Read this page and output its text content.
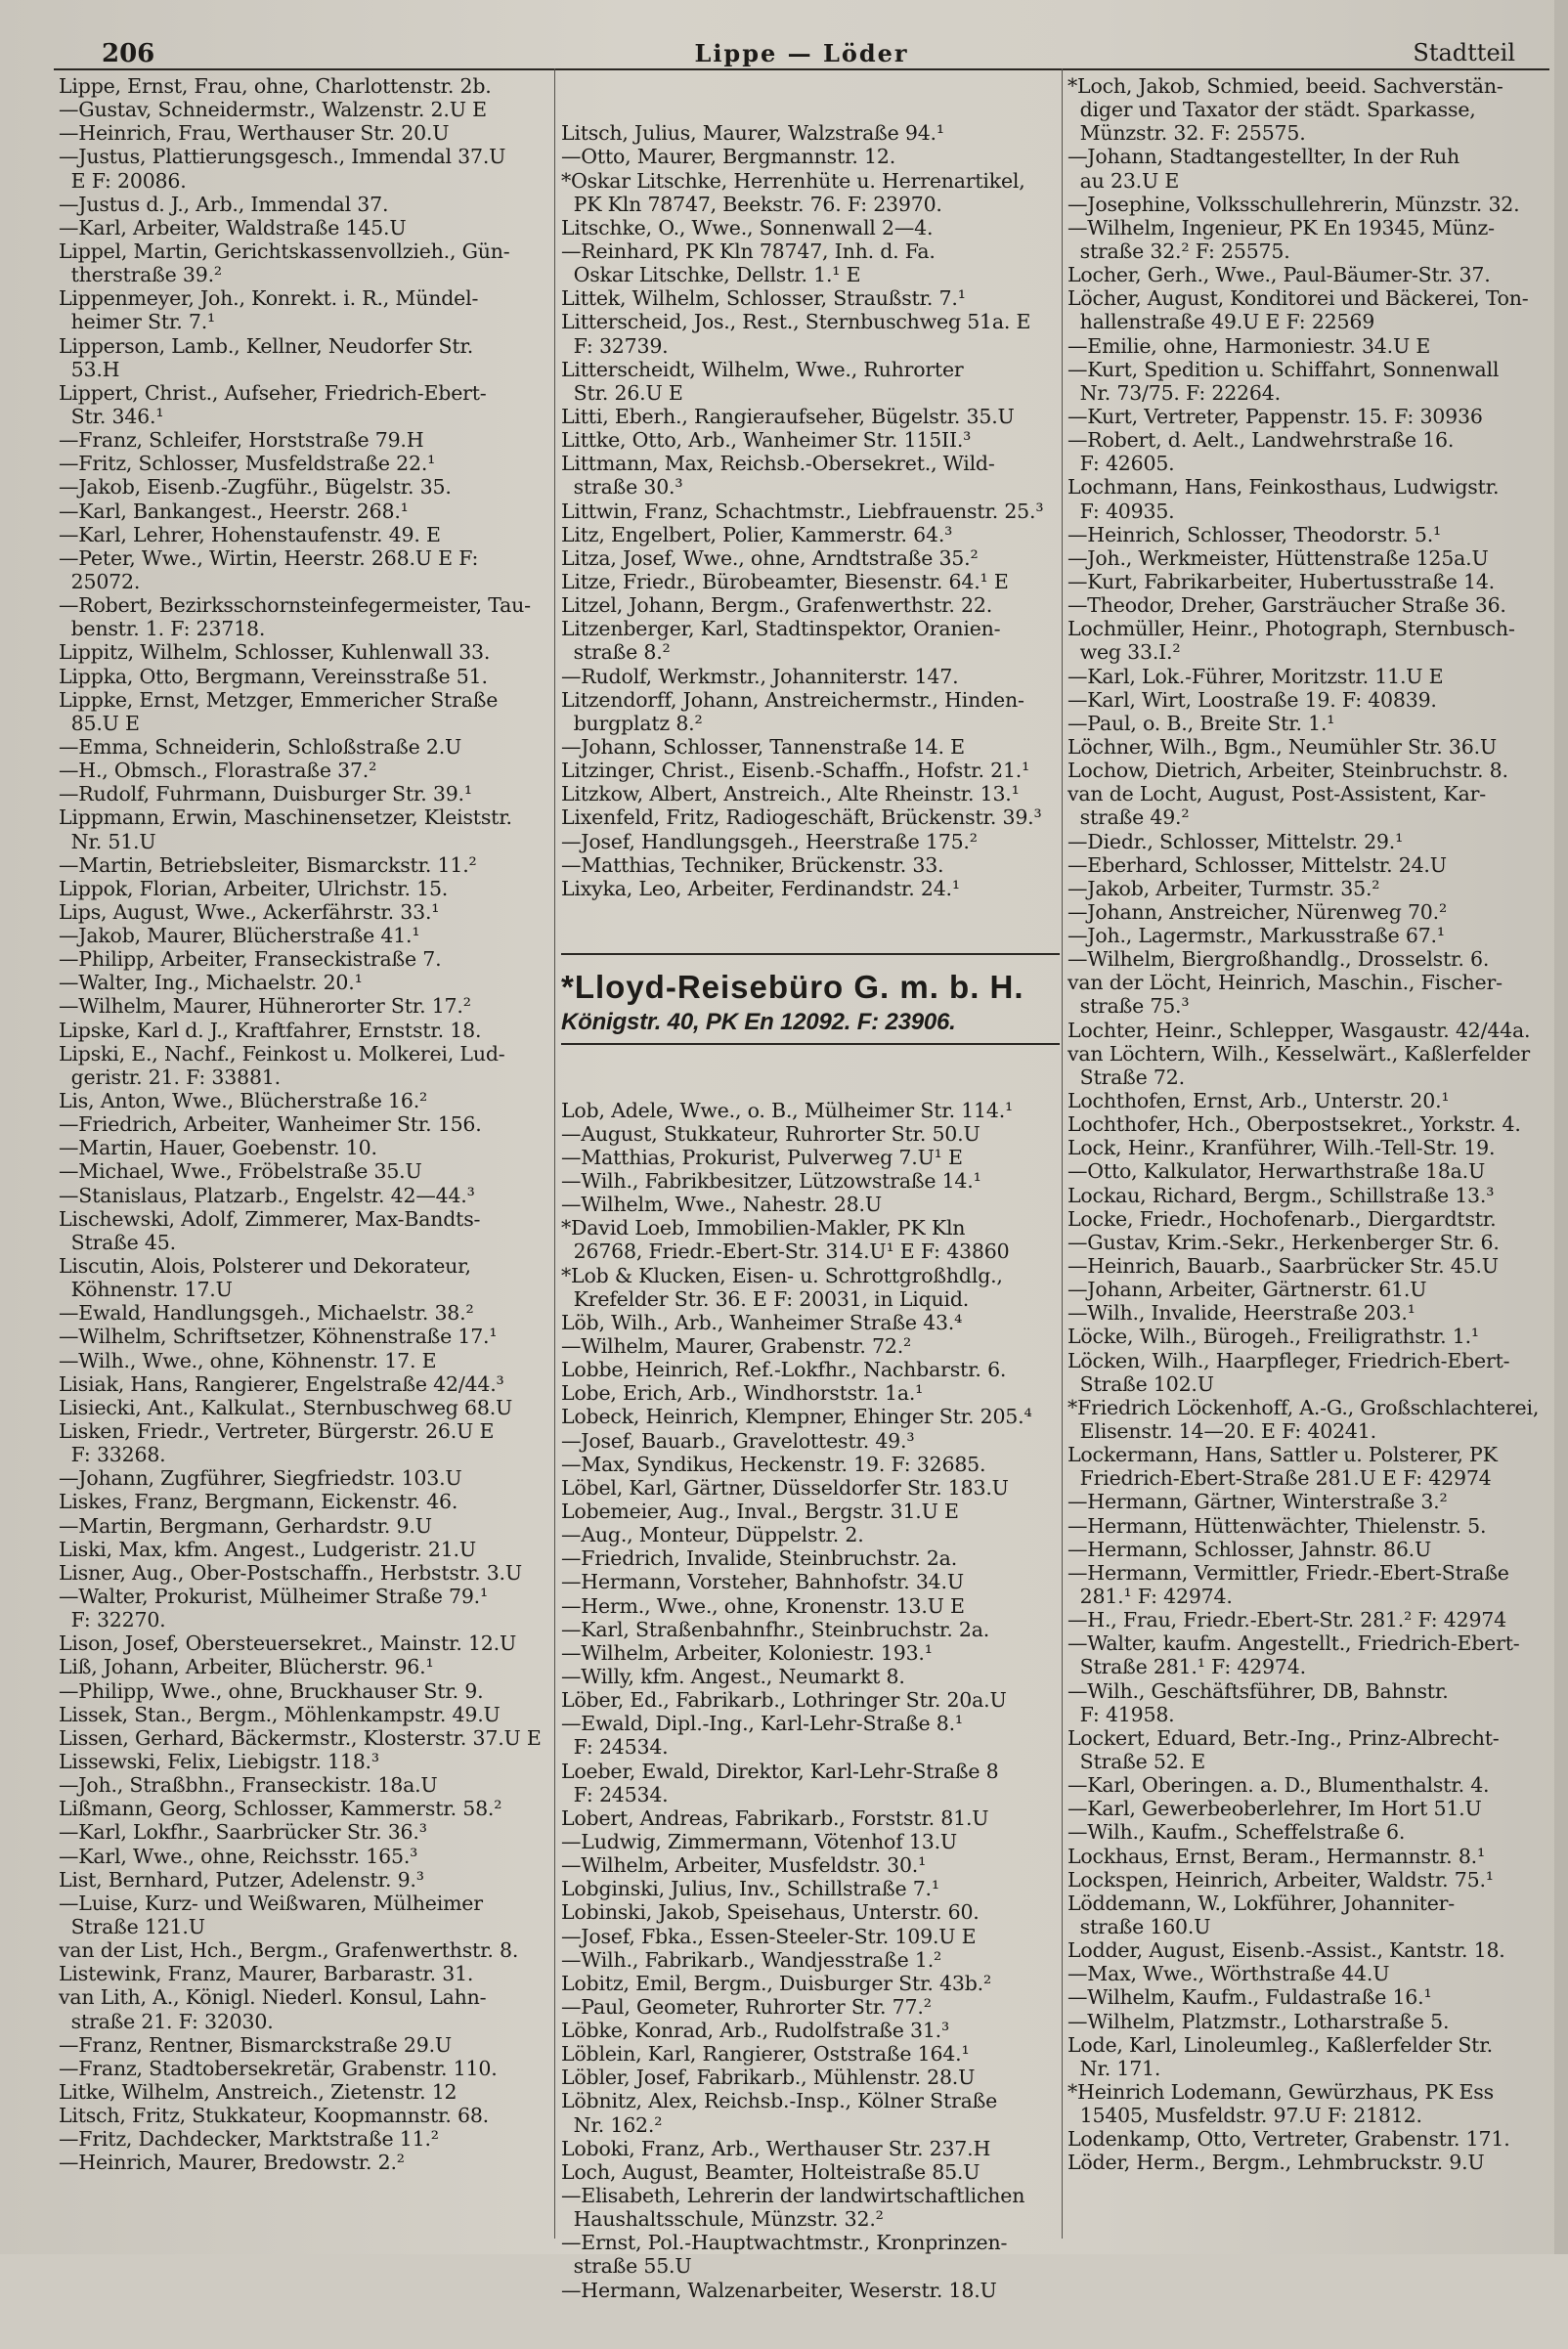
206	Lippe — Löder	Stadtteil
Lippe, Ernst, Frau, ohne, Charlottenstr. 2b.
—Gustav, Schneidermstr., Walzenstr. 2.U E
—Heinrich, Frau, Werthauser Str. 20.U
—Justus, Plattierungsgesch., Immendal 37.U
E F: 20086.
—Justus d. J., Arb., Immendal 37.
—Karl, Arbeiter, Waldstraße 145.U
Lippel, Martin, Gerichtskassenvollzieh., Gün-
therstraße 39.²
Lippenmeyer, Joh., Konrekt. i. R., Mündel-
heimer Str. 7.¹
Lipperson, Lamb., Kellner, Neudorfer Str.
53.H
Lippert, Christ., Aufseher, Friedrich-Ebert-
Str. 346.¹
—Franz, Schleifer, Horststraße 79.H
—Fritz, Schlosser, Musfeldstraße 22.¹
—Jakob, Eisenb.-Zugführ., Bügelstr. 35.
—Karl, Bankangest., Heerstr. 268.¹
—Karl, Lehrer, Hohenstaufenstr. 49. E
—Peter, Wwe., Wirtin, Heerstr. 268.U E F:
25072.
—Robert, Bezirksschornsteinfegermeister, Tau-
benstr. 1. F: 23718.
Lippitz, Wilhelm, Schlosser, Kuhlenwall 33.
Lippka, Otto, Bergmann, Vereinsstraße 51.
Lippke, Ernst, Metzger, Emmericher Straße
85.U E
—Emma, Schneiderin, Schloßstraße 2.U
—H., Obmsch., Florastraße 37.²
—Rudolf, Fuhrmann, Duisburger Str. 39.¹
Lippmann, Erwin, Maschinensetzer, Kleiststr.
Nr. 51.U
—Martin, Betriebsleiter, Bismarckstr. 11.²
Lippok, Florian, Arbeiter, Ulrichstr. 15.
Lips, August, Wwe., Ackerfährstr. 33.¹
—Jakob, Maurer, Blücherstraße 41.¹
—Philipp, Arbeiter, Franseckistraße 7.
—Walter, Ing., Michaelstr. 20.¹
—Wilhelm, Maurer, Hühnerorter Str. 17.²
Lipske, Karl d. J., Kraftfahrer, Ernststr. 18.
Lipski, E., Nachf., Feinkost u. Molkerei, Lud-
geristr. 21. F: 33881.
Lis, Anton, Wwe., Blücherstraße 16.²
—Friedrich, Arbeiter, Wanheimer Str. 156.
—Martin, Hauer, Goebenstr. 10.
—Michael, Wwe., Fröbelstraße 35.U
—Stanislaus, Platzarb., Engelstr. 42—44.³
Lischewski, Adolf, Zimmerer, Max-Bandts-
Straße 45.
Liscutin, Alois, Polsterer und Dekorateur,
Köhnenstr. 17.U
—Ewald, Handlungsgeh., Michaelstr. 38.²
—Wilhelm, Schriftsetzer, Köhnenstraße 17.¹
—Wilh., Wwe., ohne, Köhnenstr. 17. E
Lisiak, Hans, Rangierer, Engelstraße 42/44.³
Lisiecki, Ant., Kalkulat., Sternbuschweg 68.U
Lisken, Friedr., Vertreter, Bürgerstr. 26.U E
F: 33268.
—Johann, Zugführer, Siegfriedstr. 103.U
Liskes, Franz, Bergmann, Eickenstr. 46.
—Martin, Bergmann, Gerhardstr. 9.U
Liski, Max, kfm. Angest., Ludgeristr. 21.U
Lisner, Aug., Ober-Postschaffn., Herbststr. 3.U
—Walter, Prokurist, Mülheimer Straße 79.¹
F: 32270.
Lison, Josef, Obersteuersekret., Mainstr. 12.U
Liß, Johann, Arbeiter, Blücherstr. 96.¹
—Philipp, Wwe., ohne, Bruckhauser Str. 9.
Lissek, Stan., Bergm., Möhlenkampstr. 49.U
Lissen, Gerhard, Bäckermstr., Klosterstr. 37.U E
Lissewski, Felix, Liebigstr. 118.³
—Joh., Straßbhn., Franseckistr. 18a.U
Lißmann, Georg, Schlosser, Kammerstr. 58.²
—Karl, Lokfhr., Saarbrücker Str. 36.³
—Karl, Wwe., ohne, Reichsstr. 165.³
List, Bernhard, Putzer, Adelenstr. 9.³
—Luise, Kurz- und Weißwaren, Mülheimer
Straße 121.U
van der List, Hch., Bergm., Grafenwerthstr. 8.
Listewink, Franz, Maurer, Barbarastr. 31.
van Lith, A., Königl. Niederl. Konsul, Lahn-
straße 21. F: 32030.
—Franz, Rentner, Bismarckstraße 29.U
—Franz, Stadtobersekretär, Grabenstr. 110.
Litke, Wilhelm, Anstreich., Zietenstr. 12
Litsch, Fritz, Stukkateur, Koopmannstr. 68.
—Fritz, Dachdecker, Marktstraße 11.²
—Heinrich, Maurer, Bredowstr. 2.²

Litsch, Julius, Maurer, Walzstraße 94.¹
—Otto, Maurer, Bergmannstr. 12.
*Oskar Litschke, Herrenhüte u. Herrenartikel,
PK Kln 78747, Beekstr. 76. F: 23970.
Litschke, O., Wwe., Sonnenwall 2—4.
—Reinhard, PK Kln 78747, Inh. d. Fa.
Oskar Litschke, Dellstr. 1.¹ E
Littek, Wilhelm, Schlosser, Straußstr. 7.¹
Litterscheid, Jos., Rest., Sternbuschweg 51a. E
F: 32739.
Litterscheidt, Wilhelm, Wwe., Ruhrorter
Str. 26.U E
Litti, Eberh., Rangieraufseher, Bügelstr. 35.U
Littke, Otto, Arb., Wanheimer Str. 115II.³
Littmann, Max, Reichsb.-Obersekret., Wild-
straße 30.³
Littwin, Franz, Schachtmstr., Liebfrauenstr. 25.³
Litz, Engelbert, Polier, Kammerstr. 64.³
Litza, Josef, Wwe., ohne, Arndtstraße 35.²
Litze, Friedr., Bürobeamter, Biesenstr. 64.¹ E
Litzel, Johann, Bergm., Grafenwerthstr. 22.
Litzenberger, Karl, Stadtinspektor, Oranien-
straße 8.²
—Rudolf, Werkmstr., Johanniterstr. 147.
Litzendorff, Johann, Anstreichermstr., Hinden-
burgplatz 8.²
—Johann, Schlosser, Tannenstraße 14. E
Litzinger, Christ., Eisenb.-Schaffn., Hofstr. 21.¹
Litzkow, Albert, Anstreich., Alte Rheinstr. 13.¹
Lixenfeld, Fritz, Radiogeschäft, Brückenstr. 39.³
—Josef, Handlungsgeh., Heerstraße 175.²
—Matthias, Techniker, Brückenstr. 33.
Lixyka, Leo, Arbeiter, Ferdinandstr. 24.¹

*Lloyd-Reisebüro G. m. b. H.
Königstr. 40, PK En 12092. F: 23906.

Lob, Adele, Wwe., o. B., Mülheimer Str. 114.¹
—August, Stukkateur, Ruhrorter Str. 50.U
—Matthias, Prokurist, Pulverweg 7.U¹ E
—Wilh., Fabrikbesitzer, Lützowstraße 14.¹
—Wilhelm, Wwe., Nahestr. 28.U
*David Loeb, Immobilien-Makler, PK Kln
26768, Friedr.-Ebert-Str. 314.U¹ E F: 43860
*Lob & Klucken, Eisen- u. Schrottgroßhdlg.,
Krefelder Str. 36. E F: 20031, in Liquid.
Löb, Wilh., Arb., Wanheimer Straße 43.⁴
—Wilhelm, Maurer, Grabenstr. 72.²
Lobbe, Heinrich, Ref.-Lokfhr., Nachbarstr. 6.
Lobe, Erich, Arb., Windhorststr. 1a.¹
Lobeck, Heinrich, Klempner, Ehinger Str. 205.⁴
—Josef, Bauarb., Gravelottestr. 49.³
—Max, Syndikus, Heckenstr. 19. F: 32685.
Löbel, Karl, Gärtner, Düsseldorfer Str. 183.U
Lobemeier, Aug., Inval., Bergstr. 31.U E
—Aug., Monteur, Düppelstr. 2.
—Friedrich, Invalide, Steinbruchstr. 2a.
—Hermann, Vorsteher, Bahnhofstr. 34.U
—Herm., Wwe., ohne, Kronenstr. 13.U E
—Karl, Straßenbahnfhr., Steinbruchstr. 2a.
—Wilhelm, Arbeiter, Koloniestr. 193.¹
—Willy, kfm. Angest., Neumarkt 8.
Löber, Ed., Fabrikarb., Lothringer Str. 20a.U
—Ewald, Dipl.-Ing., Karl-Lehr-Straße 8.¹
F: 24534.
Loeber, Ewald, Direktor, Karl-Lehr-Straße 8
F: 24534.
Lobert, Andreas, Fabrikarb., Forststr. 81.U
—Ludwig, Zimmermann, Vötenhof 13.U
—Wilhelm, Arbeiter, Musfeldstr. 30.¹
Lobginski, Julius, Inv., Schillstraße 7.¹
Lobinski, Jakob, Speisehaus, Unterstr. 60.
—Josef, Fbka., Essen-Steeler-Str. 109.U E
—Wilh., Fabrikarb., Wandjesstraße 1.²
Lobitz, Emil, Bergm., Duisburger Str. 43b.²
—Paul, Geometer, Ruhrorter Str. 77.²
Löbke, Konrad, Arb., Rudolfstraße 31.³
Löblein, Karl, Rangierer, Oststraße 164.¹
Löbler, Josef, Fabrikarb., Mühlenstr. 28.U
Löbnitz, Alex, Reichsb.-Insp., Kölner Straße
Nr. 162.²
Loboki, Franz, Arb., Werthauser Str. 237.H
Loch, August, Beamter, Holteistraße 85.U
—Elisabeth, Lehrerin der landwirtschaftlichen
Haushaltsschule, Münzstr. 32.²
—Ernst, Pol.-Hauptwachtmstr., Kronprinzen-
straße 55.U
—Hermann, Walzenarbeiter, Weserstr. 18.U

*Loch, Jakob, Schmied, beeid. Sachverstän-
diger und Taxator der städt. Sparkasse,
Münzstr. 32. F: 25575.
—Johann, Stadtangestellter, In der Ruh
au 23.U E
—Josephine, Volksschullehrerin, Münzstr. 32.
—Wilhelm, Ingenieur, PK En 19345, Münz-
straße 32.² F: 25575.
Locher, Gerh., Wwe., Paul-Bäumer-Str. 37.
Löcher, August, Konditorei und Bäckerei, Ton-
hallenstraße 49.U E F: 22569
—Emilie, ohne, Harmoniestr. 34.U E
—Kurt, Spedition u. Schiffahrt, Sonnenwall
Nr. 73/75. F: 22264.
—Kurt, Vertreter, Pappenstr. 15. F: 30936
—Robert, d. Aelt., Landwehrstraße 16.
F: 42605.
Lochmann, Hans, Feinkosthaus, Ludwigstr.
F: 40935.
—Heinrich, Schlosser, Theodorstr. 5.¹
—Joh., Werkmeister, Hüttenstraße 125a.U
—Kurt, Fabrikarbeiter, Hubertusstraße 14.
—Theodor, Dreher, Garsträucher Straße 36.
Lochmüller, Heinr., Photograph, Sternbusch-
weg 33.I.²
—Karl, Lok.-Führer, Moritzstr. 11.U E
—Karl, Wirt, Loostraße 19. F: 40839.
—Paul, o. B., Breite Str. 1.¹
Löchner, Wilh., Bgm., Neumühler Str. 36.U
Lochow, Dietrich, Arbeiter, Steinbruchstr. 8.
van de Locht, August, Post-Assistent, Kar-
straße 49.²
—Diedr., Schlosser, Mittelstr. 29.¹
—Eberhard, Schlosser, Mittelstr. 24.U
—Jakob, Arbeiter, Turmstr. 35.²
—Johann, Anstreicher, Nürenweg 70.²
—Joh., Lagermstr., Markusstraße 67.¹
—Wilhelm, Biergroßhandlg., Drosselstr. 6.
van der Löcht, Heinrich, Maschin., Fischer-
straße 75.³
Lochter, Heinr., Schlepper, Wasgaustr. 42/44a.
van Löchtern, Wilh., Kesselwärt., Kaßlerfelder
Straße 72.
Lochthofen, Ernst, Arb., Unterstr. 20.¹
Lochthofer, Hch., Oberpostsekret., Yorkstr. 4.
Lock, Heinr., Kranführer, Wilh.-Tell-Str. 19.
—Otto, Kalkulator, Herwarthstraße 18a.U
Lockau, Richard, Bergm., Schillstraße 13.³
Locke, Friedr., Hochofenarb., Diergardtstr.
—Gustav, Krim.-Sekr., Herkenberger Str. 6.
—Heinrich, Bauarb., Saarbrücker Str. 45.U
—Johann, Arbeiter, Gärtnerstr. 61.U
—Wilh., Invalide, Heerstraße 203.¹
Löcke, Wilh., Bürogeh., Freiligrathstr. 1.¹
Löcken, Wilh., Haarpfleger, Friedrich-Ebert-
Straße 102.U
*Friedrich Löckenhoff, A.-G., Großschlachterei,
Elisenstr. 14—20. E F: 40241.
Lockermann, Hans, Sattler u. Polsterer, PK
Friedrich-Ebert-Straße 281.U E F: 42974
—Hermann, Gärtner, Winterstraße 3.²
—Hermann, Hüttenwächter, Thielenstr. 5.
—Hermann, Schlosser, Jahnstr. 86.U
—Hermann, Vermittler, Friedr.-Ebert-Straße
281.¹ F: 42974.
—H., Frau, Friedr.-Ebert-Str. 281.² F: 42974
—Walter, kaufm. Angestellt., Friedrich-Ebert-
Straße 281.¹ F: 42974.
—Wilh., Geschäftsführer, DB, Bahnstr.
F: 41958.
Lockert, Eduard, Betr.-Ing., Prinz-Albrecht-
Straße 52. E
—Karl, Oberingen. a. D., Blumenthalstr. 4.
—Karl, Gewerbeoberlehrer, Im Hort 51.U
—Wilh., Kaufm., Scheffelstraße 6.
Lockhaus, Ernst, Beram., Hermannstr. 8.¹
Lockspen, Heinrich, Arbeiter, Waldstr. 75.¹
Löddemann, W., Lokführer, Johanniter-
straße 160.U
Lodder, August, Eisenb.-Assist., Kantstr. 18.
—Max, Wwe., Wörthstraße 44.U
—Wilhelm, Kaufm., Fuldastraße 16.¹
—Wilhelm, Platzmstr., Lotharstraße 5.
Lode, Karl, Linoleumleg., Kaßlerfelder Str.
Nr. 171.
*Heinrich Lodemann, Gewürzhaus, PK Ess
15405, Musfeldstr. 97.U F: 21812.
Lodenkamp, Otto, Vertreter, Grabenstr. 171.
Löder, Herm., Bergm., Lehmbruckstr. 9.U
